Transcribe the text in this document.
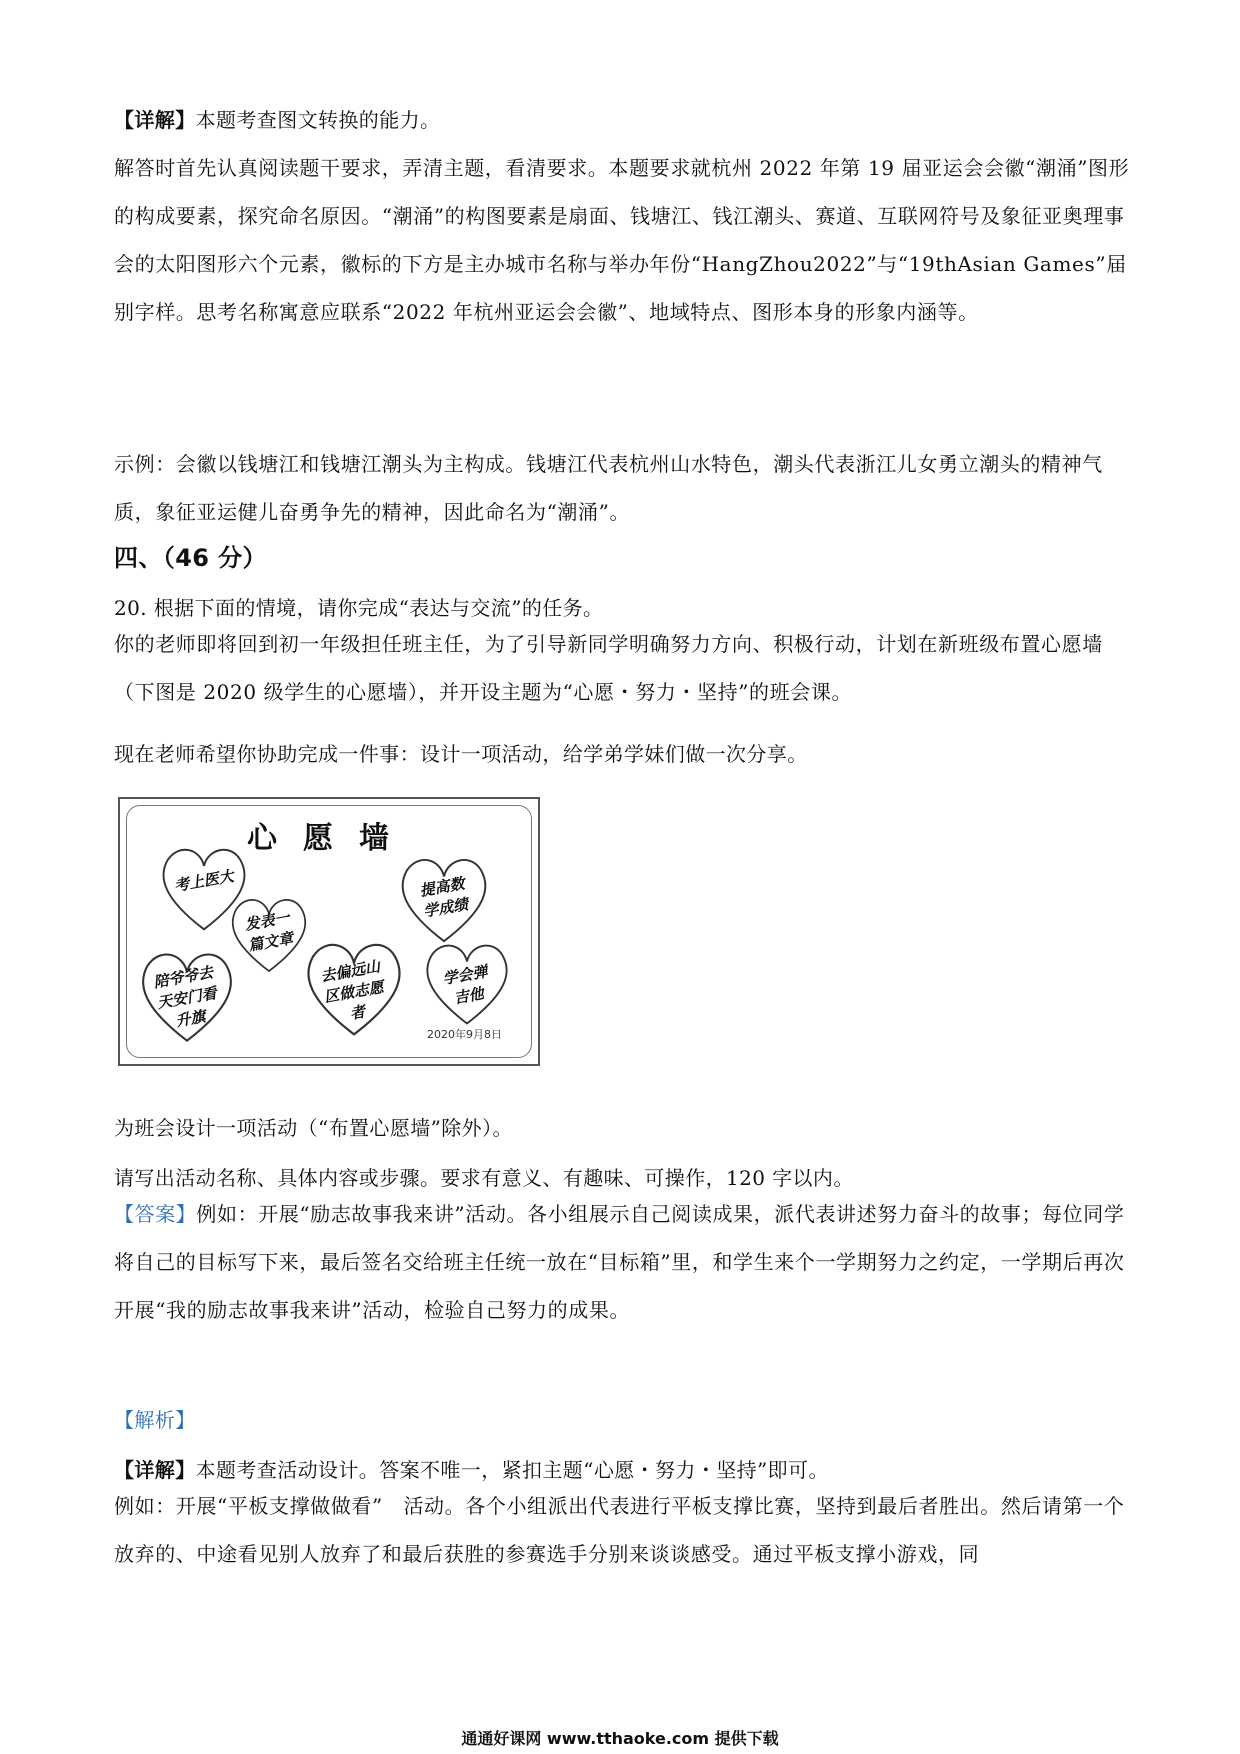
【详解】本题考查图文转换的能力。
解答时首先认真阅读题干要求，弄清主题，看清要求。本题要求就杭州 2022 年第 19 届亚运会会徽“潮涌”图形的构成要素，探究命名原因。“潮涌”的构图要素是扇面、钱塘江、钱江潮头、赛道、互联网符号及象征亚奥理事会的太阳图形六个元素，徽标的下方是主办城市名称与举办年份“HangZhou2022”与“19thAsian Games”届别字样。思考名称寓意应联系“2022 年杭州亚运会会徽”、地域特点、图形本身的形象内涵等。
示例：会徽以钱塘江和钱塘江潮头为主构成。钱塘江代表杭州山水特色，潮头代表浙江儿女勇立潮头的精神气质，象征亚运健儿奋勇争先的精神，因此命名为“潮涌”。
四、（46 分）
20. 根据下面的情境，请你完成“表达与交流”的任务。
你的老师即将回到初一年级担任班主任，为了引导新同学明确努力方向、积极行动，计划在新班级布置心愿墙（下图是 2020 级学生的心愿墙），并开设主题为“心愿・努力・坚持”的班会课。
现在老师希望你协助完成一件事：设计一项活动，给学弟学妹们做一次分享。
心愿墙
考上医大
发表一篇文章
提高数学成绩
陪爷爷去天安门看升旗
去偏远山区做志愿者
学会弹吉他
2020年9月8日
为班会设计一项活动（“布置心愿墙”除外）。
请写出活动名称、具体内容或步骤。要求有意义、有趣味、可操作，120 字以内。
【答案】例如：开展“励志故事我来讲”活动。各小组展示自己阅读成果，派代表讲述努力奋斗的故事；每位同学将自己的目标写下来，最后签名交给班主任统一放在“目标箱”里，和学生来个一学期努力之约定，一学期后再次开展“我的励志故事我来讲”活动，检验自己努力的成果。
【解析】
【详解】本题考查活动设计。答案不唯一，紧扣主题“心愿・努力・坚持”即可。
例如：开展“平板支撑做做看”　活动。各个小组派出代表进行平板支撑比赛，坚持到最后者胜出。然后请第一个放弃的、中途看见别人放弃了和最后获胜的参赛选手分别来谈谈感受。通过平板支撑小游戏，同
通通好课网 www.tthaoke.com 提供下载
